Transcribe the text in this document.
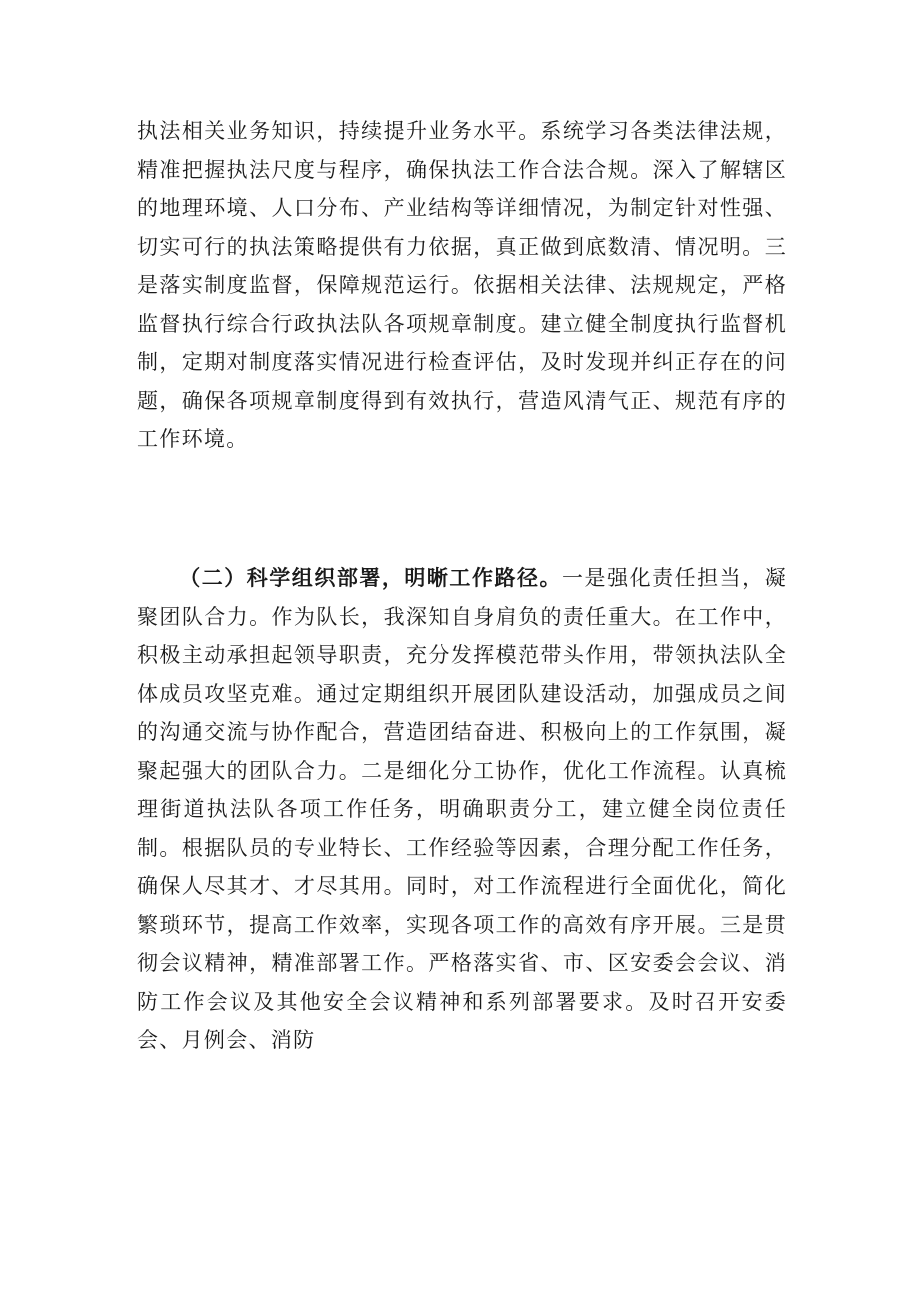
执法相关业务知识，持续提升业务水平。系统学习各类法律法规，精准把握执法尺度与程序，确保执法工作合法合规。深入了解辖区的地理环境、人口分布、产业结构等详细情况，为制定针对性强、切实可行的执法策略提供有力依据，真正做到底数清、情况明。三是落实制度监督，保障规范运行。依据相关法律、法规规定，严格监督执行综合行政执法队各项规章制度。建立健全制度执行监督机制，定期对制度落实情况进行检查评估，及时发现并纠正存在的问题，确保各项规章制度得到有效执行，营造风清气正、规范有序的工作环境。

（二）科学组织部署，明晰工作路径。一是强化责任担当，凝聚团队合力。作为队长，我深知自身肩负的责任重大。在工作中，积极主动承担起领导职责，充分发挥模范带头作用，带领执法队全体成员攻坚克难。通过定期组织开展团队建设活动，加强成员之间的沟通交流与协作配合，营造团结奋进、积极向上的工作氛围，凝聚起强大的团队合力。二是细化分工协作，优化工作流程。认真梳理街道执法队各项工作任务，明确职责分工，建立健全岗位责任制。根据队员的专业特长、工作经验等因素，合理分配工作任务，确保人尽其才、才尽其用。同时，对工作流程进行全面优化，简化繁琐环节，提高工作效率，实现各项工作的高效有序开展。三是贯彻会议精神，精准部署工作。严格落实省、市、区安委会会议、消防工作会议及其他安全会议精神和系列部署要求。及时召开安委会、月例会、消防
